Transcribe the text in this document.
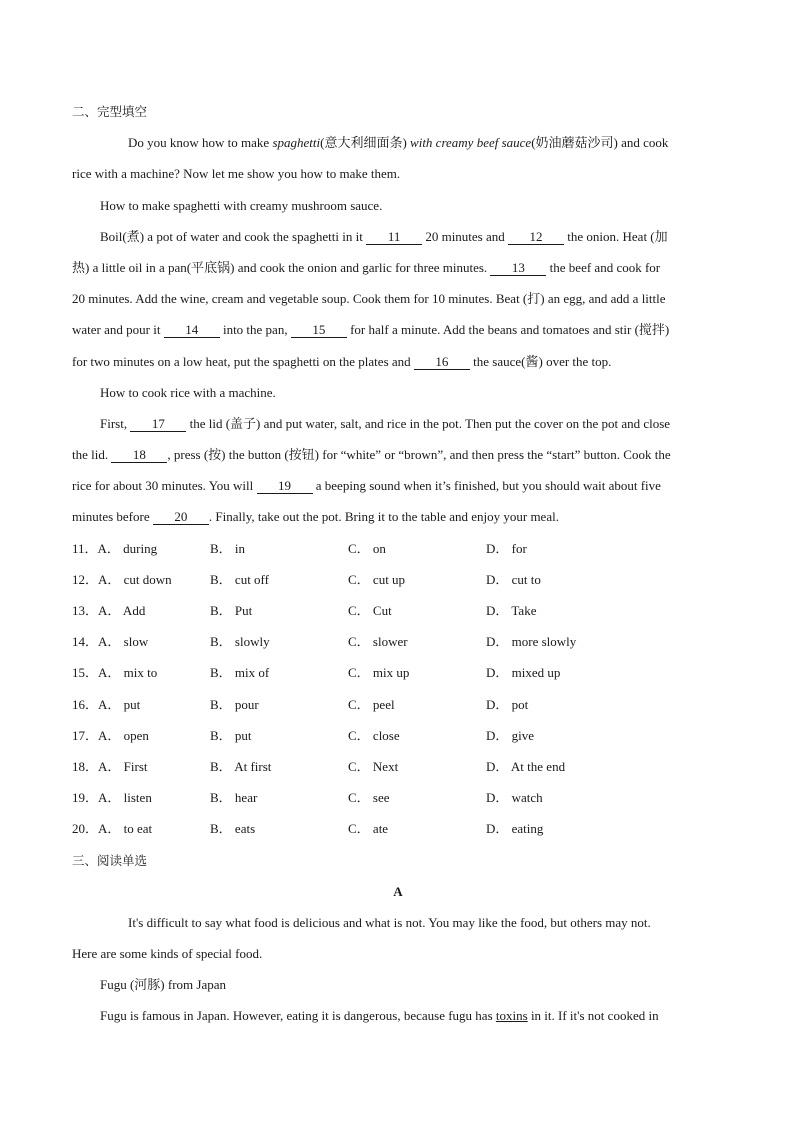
二、完型填空
Do you know how to make spaghetti(意大利细面条) with creamy beef sauce(奶油蘑菇沙司) and cook
rice with a machine? Now let me show you how to make them.
How to make spaghetti with creamy mushroom sauce.
Boil(煮) a pot of water and cook the spaghetti in it 11 20 minutes and 12 the onion. Heat (加
热) a little oil in a pan(平底锅) and cook the onion and garlic for three minutes. 13 the beef and cook for
20 minutes. Add the wine, cream and vegetable soup. Cook them for 10 minutes. Beat (打) an egg, and add a little
water and pour it 14 into the pan, 15 for half a minute. Add the beans and tomatoes and stir (搅拌)
for two minutes on a low heat, put the spaghetti on the plates and 16 the sauce(酱) over the top.
How to cook rice with a machine.
First, 17 the lid (盖子) and put water, salt, and rice in the pot. Then put the cover on the pot and close
the lid. 18 , press (按) the button (按钮) for “white” or “brown”, and then press the “start” button. Cook the
rice for about 30 minutes. You will 19 a beeping sound when it’s finished, but you should wait about five
minutes before 20 . Finally, take out the pot. Bring it to the table and enjoy your meal.
11．A． during	B． in	C． on	D． for
12．A． cut down	B． cut off	C． cut up	D． cut to
13．A． Add	B． Put	C． Cut	D． Take
14．A． slow	B． slowly	C． slower	D． more slowly
15．A． mix to	B． mix of	C． mix up	D． mixed up
16．A． put	B． pour	C． peel	D． pot
17．A． open	B． put	C． close	D． give
18．A． First	B． At first	C． Next	D． At the end
19．A． listen	B． hear	C． see	D． watch
20．A． to eat	B． eats	C． ate	D． eating
三、阅读单选
A
It's difficult to say what food is delicious and what is not. You may like the food, but others may not.
Here are some kinds of special food.
Fugu (河豚) from Japan
Fugu is famous in Japan. However, eating it is dangerous, because fugu has toxins in it. If it's not cooked in
